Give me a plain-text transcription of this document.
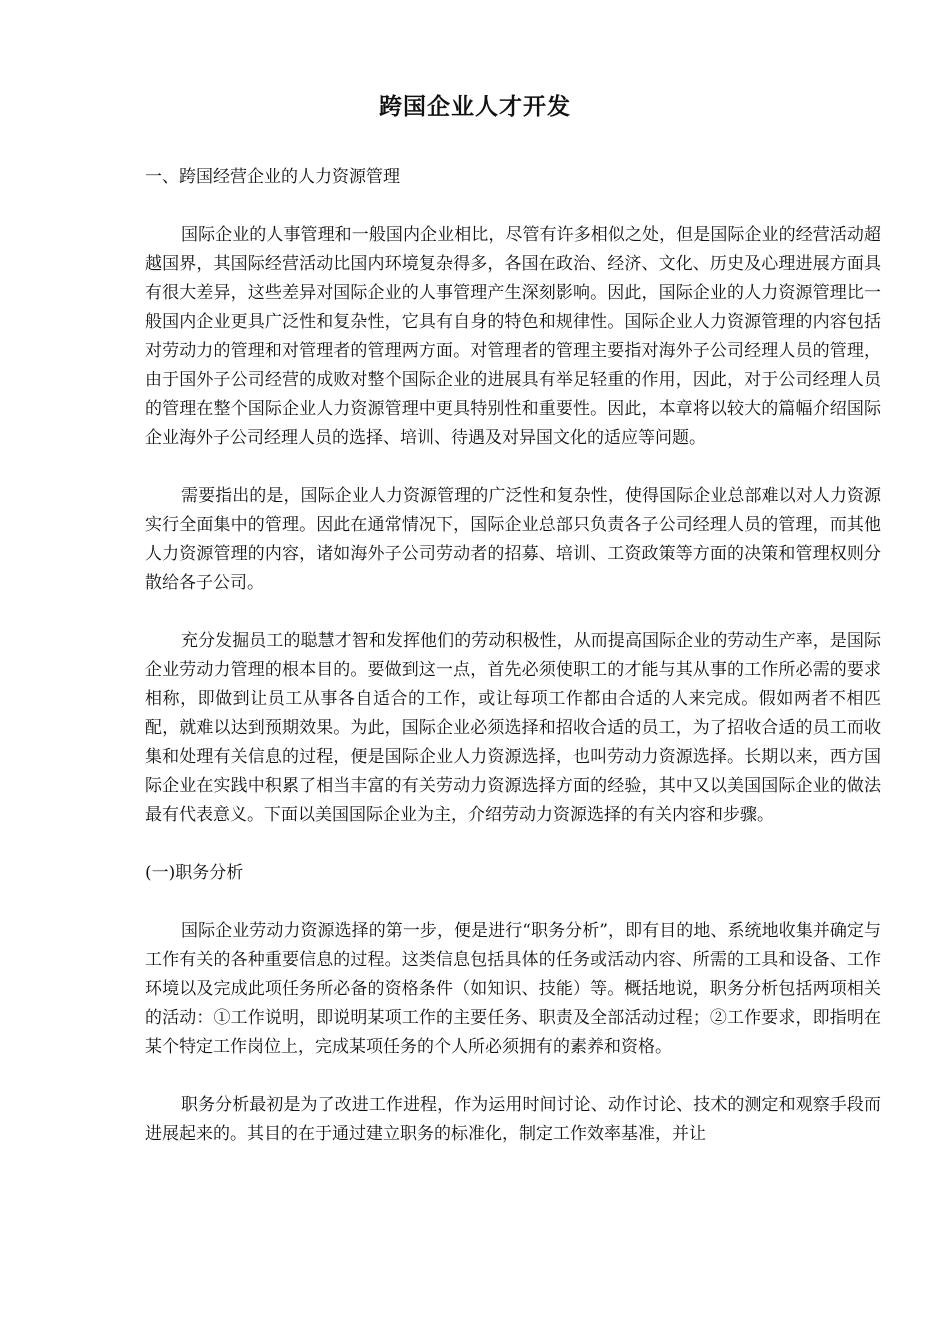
跨国企业人才开发
一、跨国经营企业的人力资源管理

国际企业的人事管理和一般国内企业相比，尽管有许多相似之处，但是国际企业的经营活动超越国界，其国际经营活动比国内环境复杂得多，各国在政治、经济、文化、历史及心理进展方面具有很大差异，这些差异对国际企业的人事管理产生深刻影响。因此，国际企业的人力资源管理比一般国内企业更具广泛性和复杂性，它具有自身的特色和规律性。国际企业人力资源管理的内容包括对劳动力的管理和对管理者的管理两方面。对管理者的管理主要指对海外子公司经理人员的管理，由于国外子公司经营的成败对整个国际企业的进展具有举足轻重的作用，因此，对于公司经理人员的管理在整个国际企业人力资源管理中更具特别性和重要性。因此，本章将以较大的篇幅介绍国际企业海外子公司经理人员的选择、培训、待遇及对异国文化的适应等问题。

需要指出的是，国际企业人力资源管理的广泛性和复杂性，使得国际企业总部难以对人力资源实行全面集中的管理。因此在通常情况下，国际企业总部只负责各子公司经理人员的管理，而其他人力资源管理的内容，诸如海外子公司劳动者的招募、培训、工资政策等方面的决策和管理权则分散给各子公司。

充分发掘员工的聪慧才智和发挥他们的劳动积极性，从而提高国际企业的劳动生产率，是国际企业劳动力管理的根本目的。要做到这一点，首先必须使职工的才能与其从事的工作所必需的要求相称，即做到让员工从事各自适合的工作，或让每项工作都由合适的人来完成。假如两者不相匹配，就难以达到预期效果。为此，国际企业必须选择和招收合适的员工，为了招收合适的员工而收集和处理有关信息的过程，便是国际企业人力资源选择，也叫劳动力资源选择。长期以来，西方国际企业在实践中积累了相当丰富的有关劳动力资源选择方面的经验，其中又以美国国际企业的做法最有代表意义。下面以美国国际企业为主，介绍劳动力资源选择的有关内容和步骤。

(一)职务分析

国际企业劳动力资源选择的第一步，便是进行“职务分析”，即有目的地、系统地收集并确定与工作有关的各种重要信息的过程。这类信息包括具体的任务或活动内容、所需的工具和设备、工作环境以及完成此项任务所必备的资格条件（如知识、技能）等。概括地说，职务分析包括两项相关的活动：①工作说明，即说明某项工作的主要任务、职责及全部活动过程；②工作要求，即指明在某个特定工作岗位上，完成某项任务的个人所必须拥有的素养和资格。

职务分析最初是为了改进工作进程，作为运用时间讨论、动作讨论、技术的测定和观察手段而进展起来的。其目的在于通过建立职务的标准化，制定工作效率基准，并让
